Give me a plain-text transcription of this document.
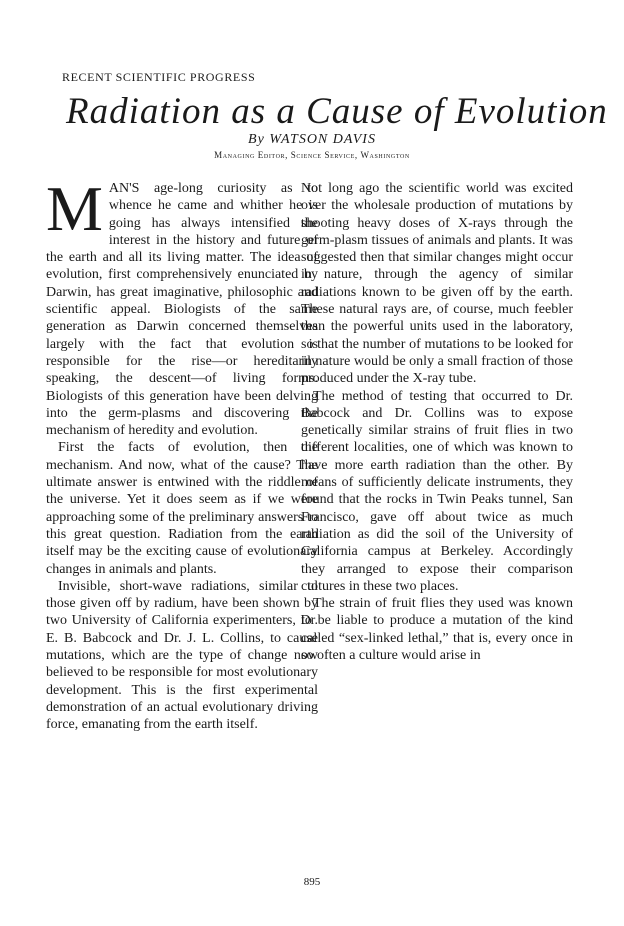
RECENT SCIENTIFIC PROGRESS
Radiation as a Cause of Evolution
By WATSON DAVIS
Managing Editor, Science Service, Washington

MAN'S age-long curiosity as to whence he came and whither he is going has always intensified the interest in the history and future of the earth and all its living matter. The idea of evolution, first comprehensively enunciated by Darwin, has great imaginative, philosophic and scientific appeal. Biologists of the same generation as Darwin concerned themselves largely with the fact that evolution is responsible for the rise—or hereditarily speaking, the descent—of living forms. Biologists of this generation have been delving into the germ-plasms and discovering the mechanism of heredity and evolution.

First the facts of evolution, then the mechanism. And now, what of the cause? The ultimate answer is entwined with the riddle of the universe. Yet it does seem as if we were approaching some of the preliminary answers to this great question. Radiation from the earth itself may be the exciting cause of evolutionary changes in animals and plants.

Invisible, short-wave radiations, similar to those given off by radium, have been shown by two University of California experimenters, Dr. E. B. Babcock and Dr. J. L. Collins, to cause mutations, which are the type of change now believed to be responsible for most evolutionary development. This is the first experimental demonstration of an actual evolutionary driving force, emanating from the earth itself.

Not long ago the scientific world was excited over the wholesale production of mutations by shooting heavy doses of X-rays through the germ-plasm tissues of animals and plants. It was suggested then that similar changes might occur in nature, through the agency of similar radiations known to be given off by the earth. These natural rays are, of course, much feebler than the powerful units used in the laboratory, so that the number of mutations to be looked for in nature would be only a small fraction of those produced under the X-ray tube.

The method of testing that occurred to Dr. Babcock and Dr. Collins was to expose genetically similar strains of fruit flies in two different localities, one of which was known to have more earth radiation than the other. By means of sufficiently delicate instruments, they found that the rocks in Twin Peaks tunnel, San Francisco, gave off about twice as much radiation as did the soil of the University of California campus at Berkeley. Accordingly they arranged to expose their comparison cultures in these two places.

The strain of fruit flies they used was known to be liable to produce a mutation of the kind called “sex-linked lethal,” that is, every once in so often a culture would arise in

895
